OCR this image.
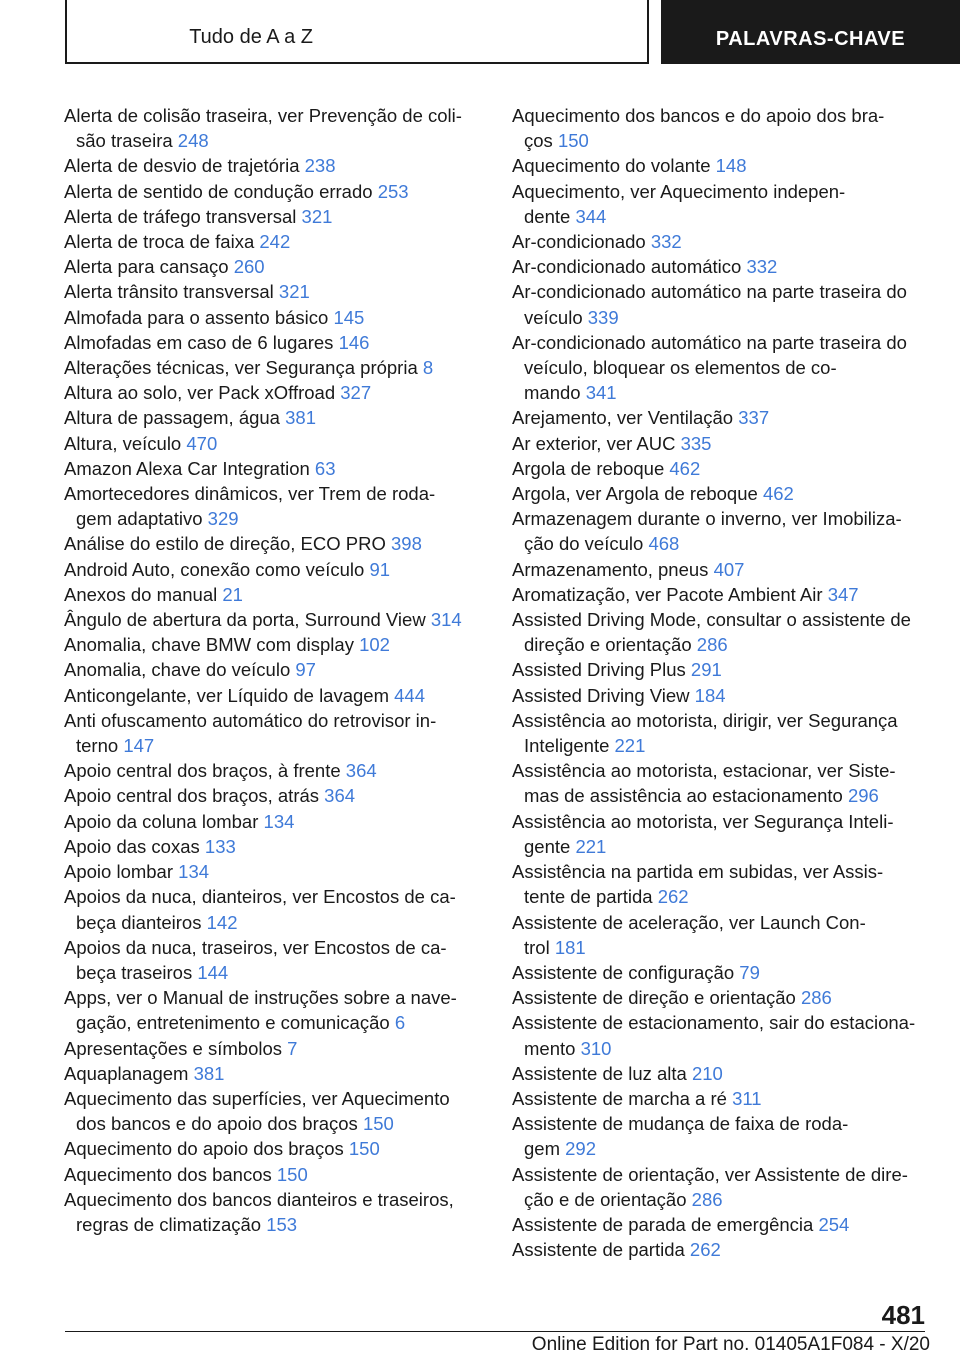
Tudo de A a Z	PALAVRAS-CHAVE
Alerta de colisão traseira, ver Prevenção de coli-
são traseira 248
Alerta de desvio de trajetória 238
Alerta de sentido de condução errado 253
Alerta de tráfego transversal 321
Alerta de troca de faixa 242
Alerta para cansaço 260
Alerta trânsito transversal 321
Almofada para o assento básico 145
Almofadas em caso de 6 lugares 146
Alterações técnicas, ver Segurança própria 8
Altura ao solo, ver Pack xOffroad 327
Altura de passagem, água 381
Altura, veículo 470
Amazon Alexa Car Integration 63
Amortecedores dinâmicos, ver Trem de roda-
gem adaptativo 329
Análise do estilo de direção, ECO PRO 398
Android Auto, conexão como veículo 91
Anexos do manual 21
Ângulo de abertura da porta, Surround View 314
Anomalia, chave BMW com display 102
Anomalia, chave do veículo 97
Anticongelante, ver Líquido de lavagem 444
Anti ofuscamento automático do retrovisor in-
terno 147
Apoio central dos braços, à frente 364
Apoio central dos braços, atrás 364
Apoio da coluna lombar 134
Apoio das coxas 133
Apoio lombar 134
Apoios da nuca, dianteiros, ver Encostos de ca-
beça dianteiros 142
Apoios da nuca, traseiros, ver Encostos de ca-
beça traseiros 144
Apps, ver o Manual de instruções sobre a nave-
gação, entretenimento e comunicação 6
Apresentações e símbolos 7
Aquaplanagem 381
Aquecimento das superfícies, ver Aquecimento
dos bancos e do apoio dos braços 150
Aquecimento do apoio dos braços 150
Aquecimento dos bancos 150
Aquecimento dos bancos dianteiros e traseiros,
regras de climatização 153
Aquecimento dos bancos e do apoio dos bra-
ços 150
Aquecimento do volante 148
Aquecimento, ver Aquecimento indepen-
dente 344
Ar-condicionado 332
Ar-condicionado automático 332
Ar-condicionado automático na parte traseira do
veículo 339
Ar-condicionado automático na parte traseira do
veículo, bloquear os elementos de co-
mando 341
Arejamento, ver Ventilação 337
Ar exterior, ver AUC 335
Argola de reboque 462
Argola, ver Argola de reboque 462
Armazenagem durante o inverno, ver Imobiliza-
ção do veículo 468
Armazenamento, pneus 407
Aromatização, ver Pacote Ambient Air 347
Assisted Driving Mode, consultar o assistente de
direção e orientação 286
Assisted Driving Plus 291
Assisted Driving View 184
Assistência ao motorista, dirigir, ver Segurança
Inteligente 221
Assistência ao motorista, estacionar, ver Siste-
mas de assistência ao estacionamento 296
Assistência ao motorista, ver Segurança Inteli-
gente 221
Assistência na partida em subidas, ver Assis-
tente de partida 262
Assistente de aceleração, ver Launch Con-
trol 181
Assistente de configuração 79
Assistente de direção e orientação 286
Assistente de estacionamento, sair do estaciona-
mento 310
Assistente de luz alta 210
Assistente de marcha a ré 311
Assistente de mudança de faixa de roda-
gem 292
Assistente de orientação, ver Assistente de dire-
ção e de orientação 286
Assistente de parada de emergência 254
Assistente de partida 262
481
Online Edition for Part no. 01405A1F084 - X/20
